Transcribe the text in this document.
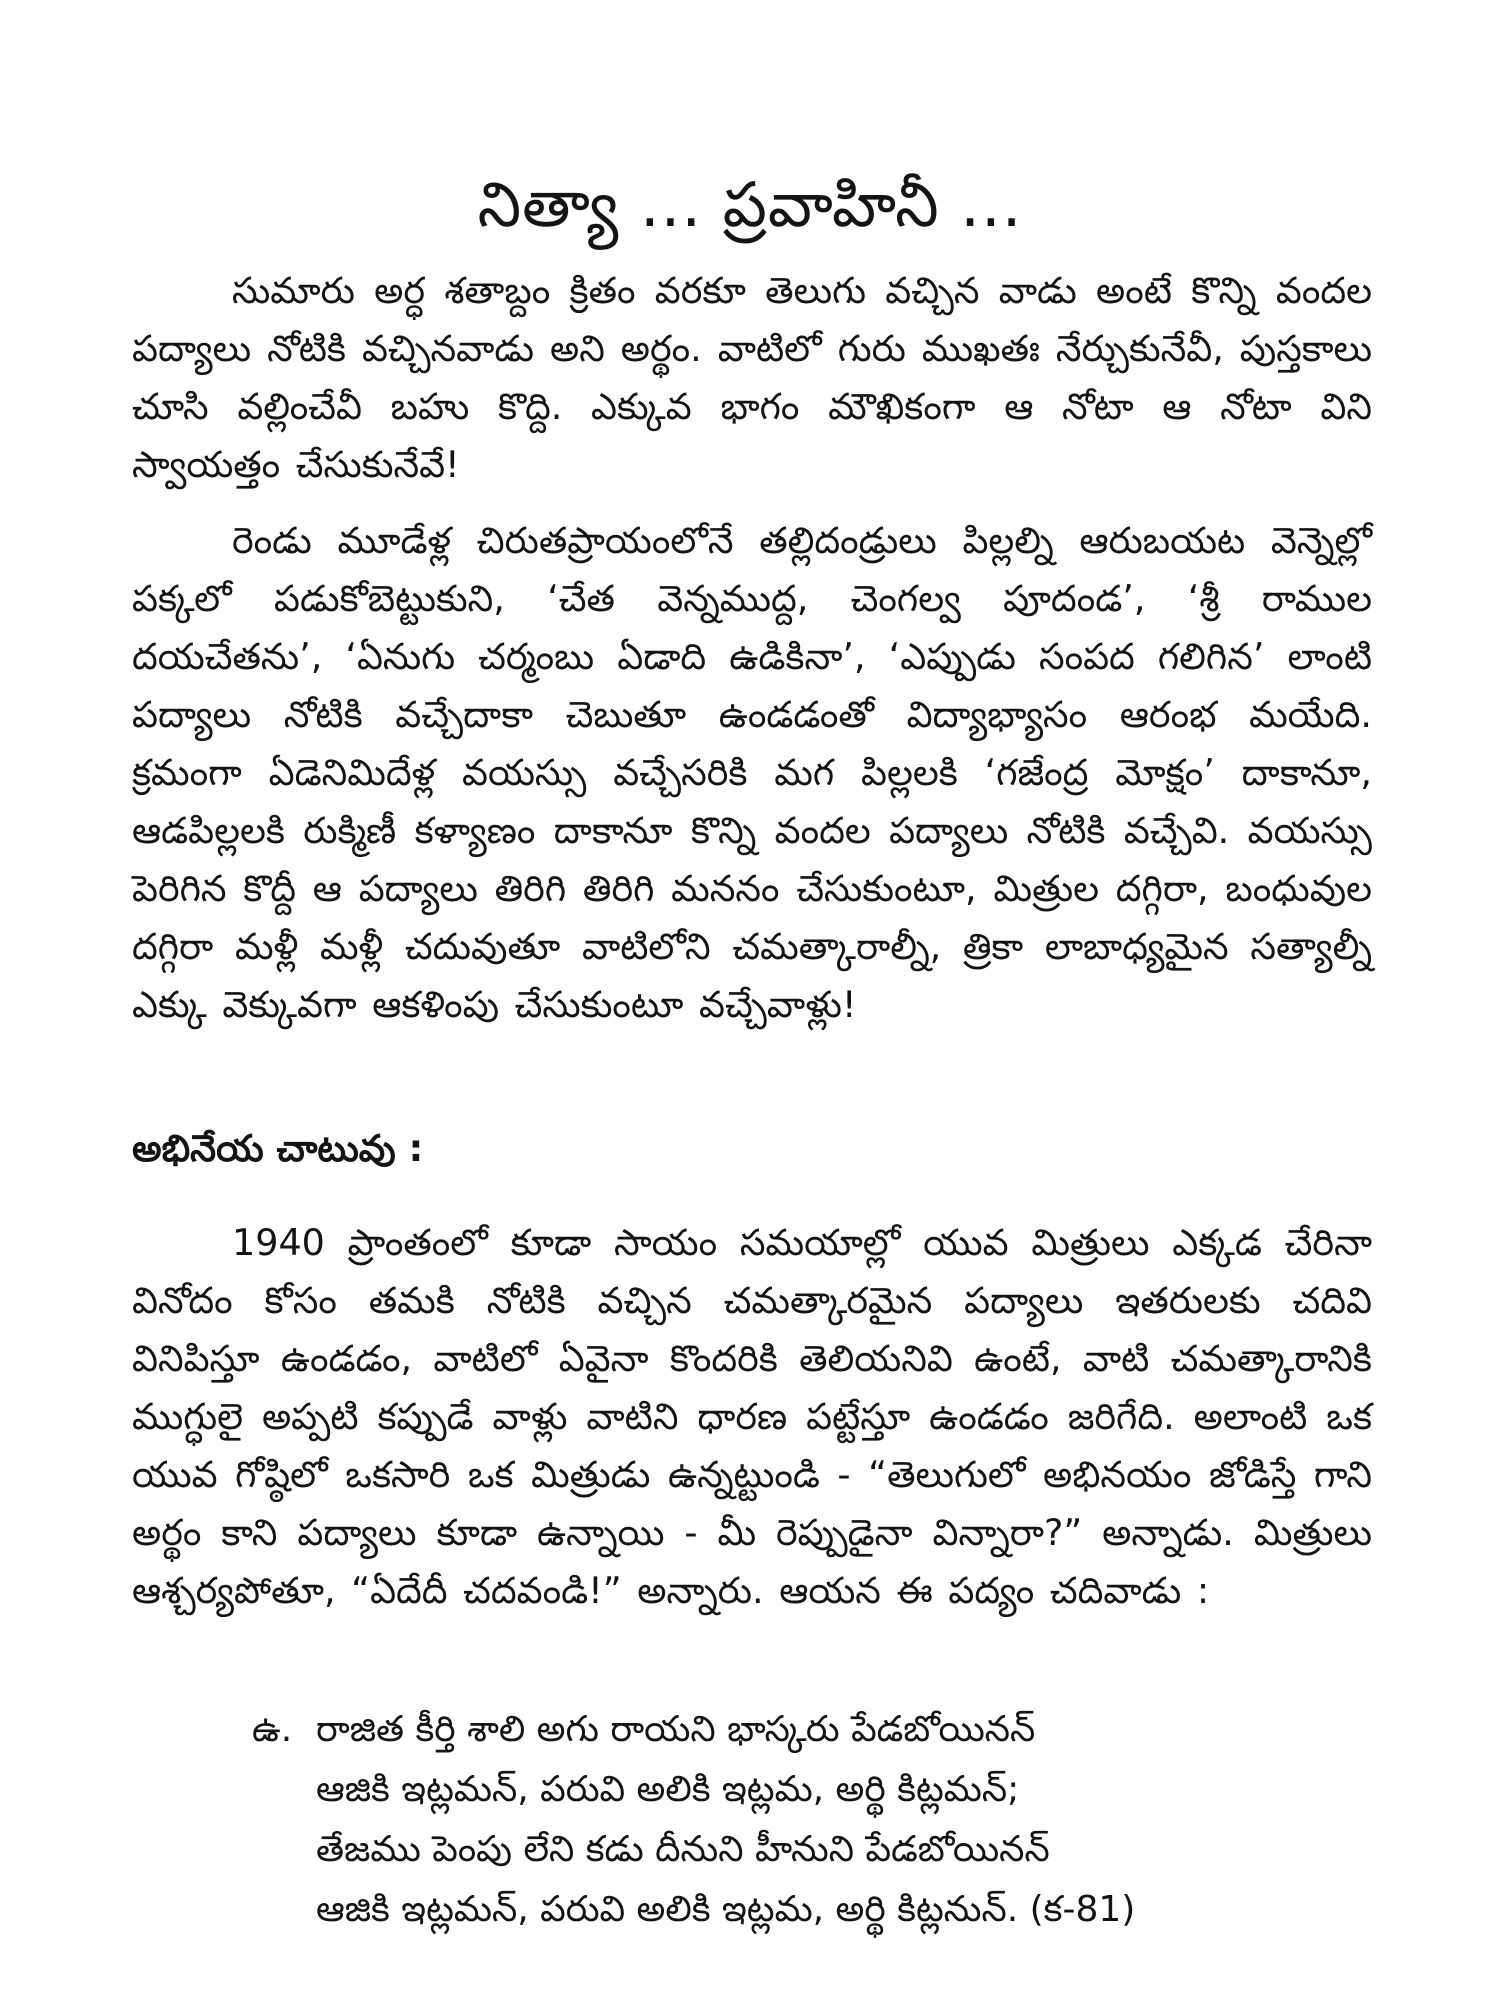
నిత్యా ... ప్రవాహినీ ...

సుమారు అర్ధ శతాబ్దం క్రితం వరకూ తెలుగు వచ్చిన వాడు అంటే కొన్ని వందల పద్యాలు నోటికి వచ్చినవాడు అని అర్థం. వాటిలో గురు ముఖతః నేర్చుకునేవీ, పుస్తకాలు చూసి వల్లించేవీ బహు కొద్ది. ఎక్కువ భాగం మౌఖికంగా ఆ నోటా ఆ నోటా విని స్వాయత్తం చేసుకునేవే!

రెండు మూడేళ్ల చిరుతప్రాయంలోనే తల్లిదండ్రులు పిల్లల్ని ఆరుబయట వెన్నెల్లో పక్కలో పడుకోబెట్టుకుని, ‘చేత వెన్నముద్ద, చెంగల్వ పూదండ’, ‘శ్రీ రాముల దయచేతను’, ‘ఏనుగు చర్మంబు ఏడాది ఉడికినా’, ‘ఎప్పుడు సంపద గలిగిన’ లాంటి పద్యాలు నోటికి వచ్చేదాకా చెబుతూ ఉండడంతో విద్యాభ్యాసం ఆరంభ మయేది. క్రమంగా ఏడెనిమిదేళ్ల వయస్సు వచ్చేసరికి మగ పిల్లలకి ‘గజేంద్ర మోక్షం’ దాకానూ, ఆడపిల్లలకి రుక్మిణీ కళ్యాణం దాకానూ కొన్ని వందల పద్యాలు నోటికి వచ్చేవి. వయస్సు పెరిగిన కొద్దీ ఆ పద్యాలు తిరిగి తిరిగి మననం చేసుకుంటూ, మిత్రుల దగ్గిరా, బంధువుల దగ్గిరా మళ్లీ మళ్లీ చదువుతూ వాటిలోని చమత్కారాల్నీ, త్రికా లాబాధ్యమైన సత్యాల్నీ ఎక్కు వెక్కువగా ఆకళింపు చేసుకుంటూ వచ్చేవాళ్లు!

అభినేయ చాటువు :

1940 ప్రాంతంలో కూడా సాయం సమయాల్లో యువ మిత్రులు ఎక్కడ చేరినా వినోదం కోసం తమకి నోటికి వచ్చిన చమత్కారమైన పద్యాలు ఇతరులకు చదివి వినిపిస్తూ ఉండడం, వాటిలో ఏవైనా కొందరికి తెలియనివి ఉంటే, వాటి చమత్కారానికి ముగ్ధులై అప్పటి కప్పుడే వాళ్లు వాటిని ధారణ పట్టేస్తూ ఉండడం జరిగేది. అలాంటి ఒక యువ గోష్ఠిలో ఒకసారి ఒక మిత్రుడు ఉన్నట్టుండి - “తెలుగులో అభినయం జోడిస్తే గాని అర్థం కాని పద్యాలు కూడా ఉన్నాయి - మీ రెప్పుడైనా విన్నారా?” అన్నాడు. మిత్రులు ఆశ్చర్యపోతూ, “ఏదేదీ చదవండి!” అన్నారు. ఆయన ఈ పద్యం చదివాడు :

ఉ. రాజిత కీర్తి శాలి అగు రాయని భాస్కరు పేడబోయినన్
ఆజికి ఇట్లమన్, పరువి అలికి ఇట్లమ, అర్థి కిట్లమన్;
తేజము పెంపు లేని కడు దీనుని హీనుని పేడబోయినన్
ఆజికి ఇట్లమన్, పరువి అలికి ఇట్లమ, అర్థి కిట్లనున్. (క-81)
